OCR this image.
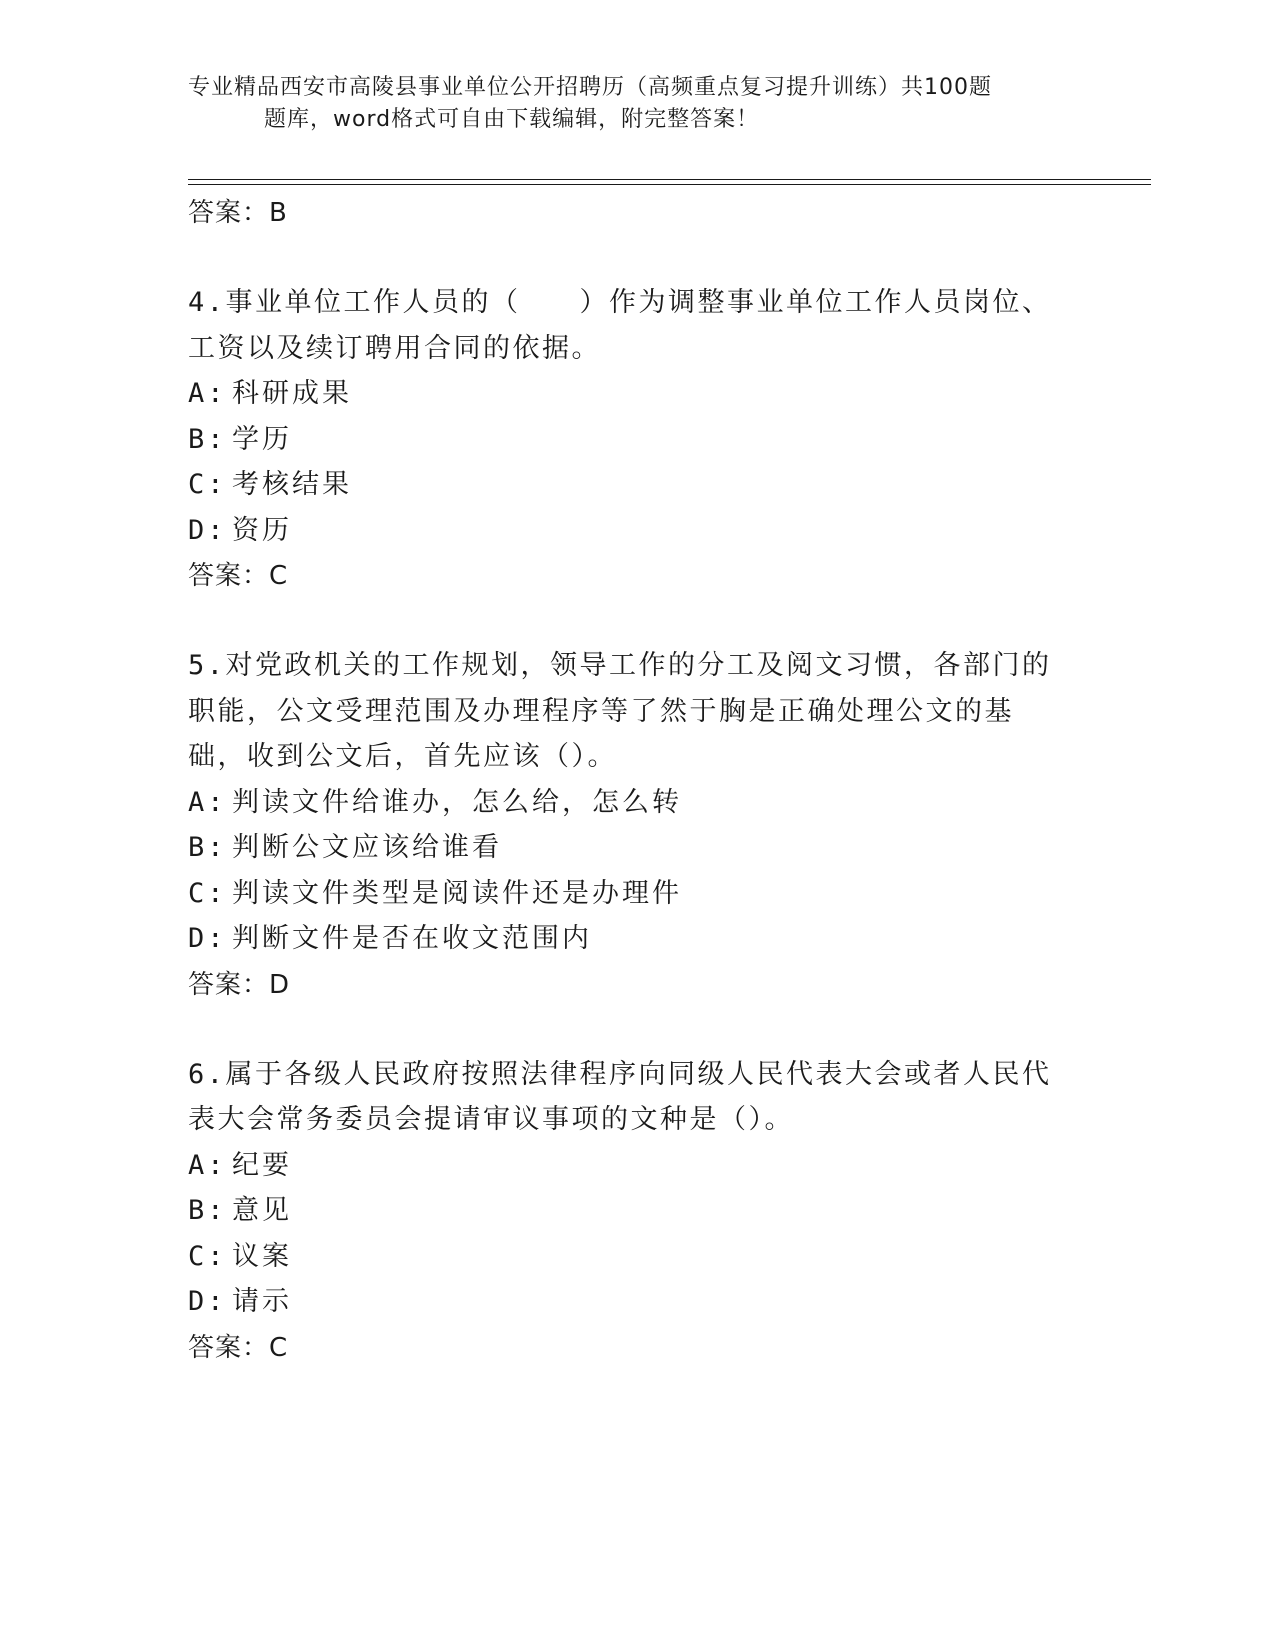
专业精品西安市高陵县事业单位公开招聘历（高频重点复习提升训练）共100题
题库，word格式可自由下载编辑，附完整答案！
答案：B
4.事业单位工作人员的（　　）作为调整事业单位工作人员岗位、工资以及续订聘用合同的依据。
A: 科研成果
B: 学历
C: 考核结果
D: 资历
答案：C
5.对党政机关的工作规划，领导工作的分工及阅文习惯，各部门的职能，公文受理范围及办理程序等了然于胸是正确处理公文的基础，收到公文后，首先应该（）。
A: 判读文件给谁办，怎么给，怎么转
B: 判断公文应该给谁看
C: 判读文件类型是阅读件还是办理件
D: 判断文件是否在收文范围内
答案：D
6.属于各级人民政府按照法律程序向同级人民代表大会或者人民代表大会常务委员会提请审议事项的文种是（）。
A: 纪要
B: 意见
C: 议案
D: 请示
答案：C
